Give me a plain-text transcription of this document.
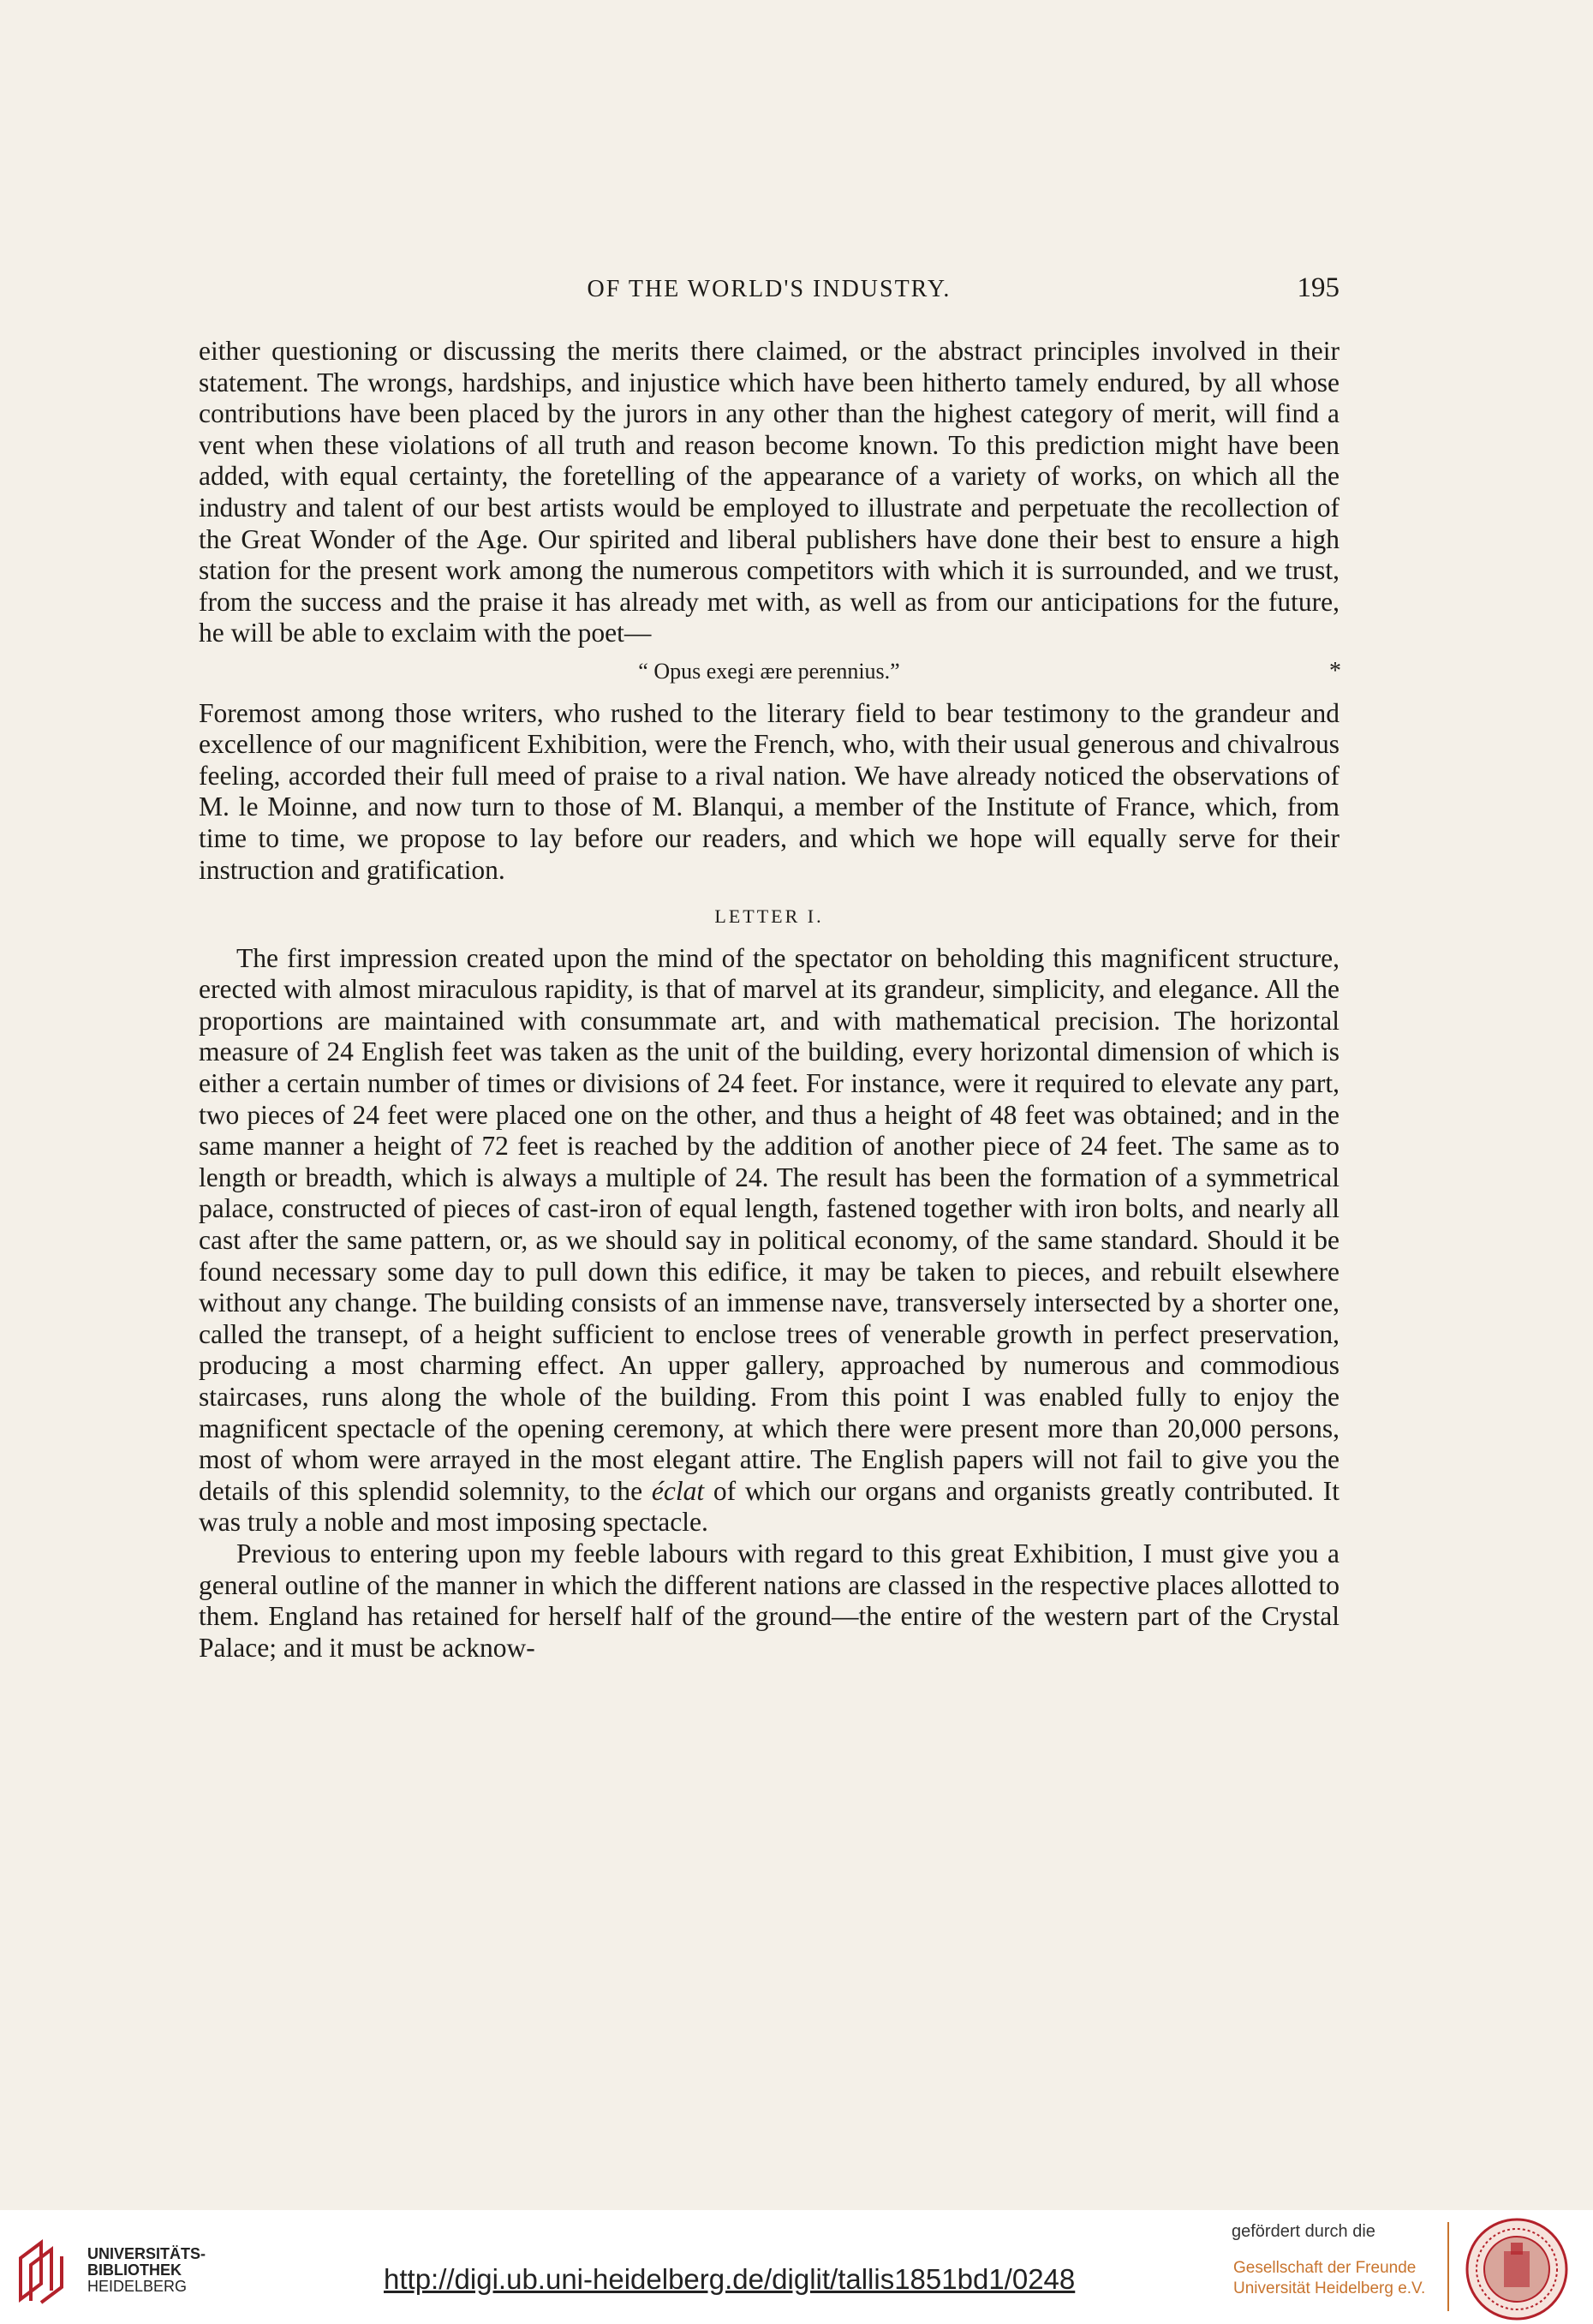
OF THE WORLD'S INDUSTRY.	195

either questioning or discussing the merits there claimed, or the abstract principles involved in their statement. The wrongs, hardships, and injustice which have been hitherto tamely endured, by all whose contributions have been placed by the jurors in any other than the highest category of merit, will find a vent when these violations of all truth and reason become known. To this prediction might have been added, with equal certainty, the foretelling of the appearance of a variety of works, on which all the industry and talent of our best artists would be employed to illustrate and perpetuate the recollection of the Great Wonder of the Age. Our spirited and liberal publishers have done their best to ensure a high station for the present work among the numerous competitors with which it is surrounded, and we trust, from the success and the praise it has already met with, as well as from our anticipations for the future, he will be able to exclaim with the poet—

“ Opus exegi ære perennius.”	*

Foremost among those writers, who rushed to the literary field to bear testimony to the grandeur and excellence of our magnificent Exhibition, were the French, who, with their usual generous and chivalrous feeling, accorded their full meed of praise to a rival nation. We have already noticed the observations of M. le Moinne, and now turn to those of M. Blanqui, a member of the Institute of France, which, from time to time, we propose to lay before our readers, and which we hope will equally serve for their instruction and gratification.

LETTER I.

The first impression created upon the mind of the spectator on beholding this magnificent structure, erected with almost miraculous rapidity, is that of marvel at its grandeur, simplicity, and elegance. All the proportions are maintained with consummate art, and with mathematical precision. The horizontal measure of 24 English feet was taken as the unit of the building, every horizontal dimension of which is either a certain number of times or divisions of 24 feet. For instance, were it required to elevate any part, two pieces of 24 feet were placed one on the other, and thus a height of 48 feet was obtained; and in the same manner a height of 72 feet is reached by the addition of another piece of 24 feet. The same as to length or breadth, which is always a multiple of 24. The result has been the formation of a symmetrical palace, constructed of pieces of cast-iron of equal length, fastened together with iron bolts, and nearly all cast after the same pattern, or, as we should say in political economy, of the same standard. Should it be found necessary some day to pull down this edifice, it may be taken to pieces, and rebuilt elsewhere without any change. The building consists of an immense nave, transversely intersected by a shorter one, called the transept, of a height sufficient to enclose trees of venerable growth in perfect preservation, producing a most charming effect. An upper gallery, approached by numerous and commodious staircases, runs along the whole of the building. From this point I was enabled fully to enjoy the magnificent spectacle of the opening ceremony, at which there were present more than 20,000 persons, most of whom were arrayed in the most elegant attire. The English papers will not fail to give you the details of this splendid solemnity, to the éclat of which our organs and organists greatly contributed. It was truly a noble and most imposing spectacle.

Previous to entering upon my feeble labours with regard to this great Exhibition, I must give you a general outline of the manner in which the different nations are classed in the respective places allotted to them. England has retained for herself half of the ground—the entire of the western part of the Crystal Palace; and it must be acknow-

UNIVERSITÄTS-
BIBLIOTHEK
HEIDELBERG	http://digi.ub.uni-heidelberg.de/diglit/tallis1851bd1/0248
gefördert durch die
Gesellschaft der Freunde
Universität Heidelberg e.V.
